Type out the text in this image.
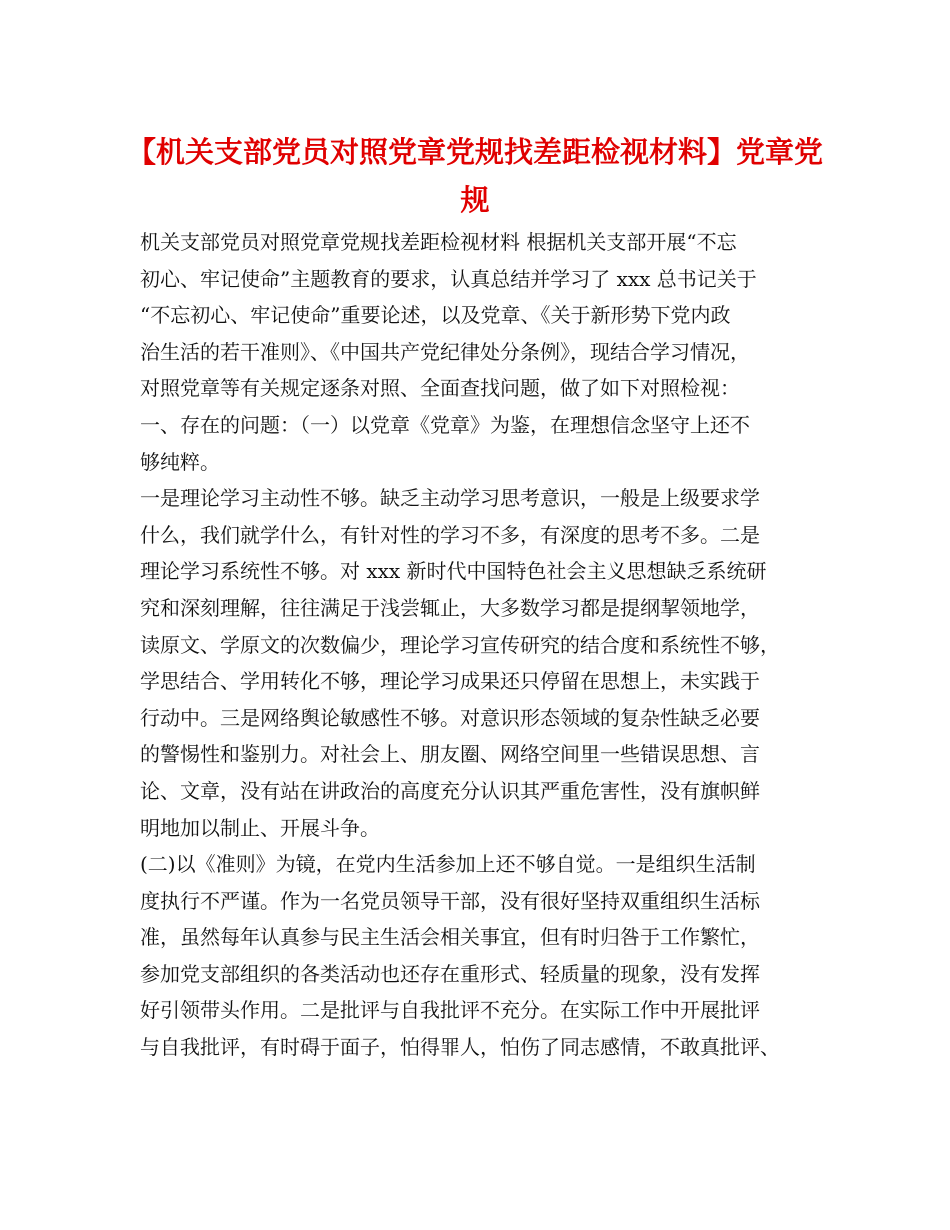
【机关支部党员对照党章党规找差距检视材料】党章党
规
机关支部党员对照党章党规找差距检视材料 根据机关支部开展“不忘
初心、牢记使命”主题教育的要求，认真总结并学习了 xxx 总书记关于
“不忘初心、牢记使命”重要论述，以及党章、《关于新形势下党内政
治生活的若干准则》、《中国共产党纪律处分条例》，现结合学习情况，
对照党章等有关规定逐条对照、全面查找问题，做了如下对照检视：
一、存在的问题：（一）以党章《党章》为鉴，在理想信念坚守上还不
够纯粹。
一是理论学习主动性不够。缺乏主动学习思考意识，一般是上级要求学
什么，我们就学什么，有针对性的学习不多，有深度的思考不多。二是
理论学习系统性不够。对 xxx 新时代中国特色社会主义思想缺乏系统研
究和深刻理解，往往满足于浅尝辄止，大多数学习都是提纲挈领地学，
读原文、学原文的次数偏少，理论学习宣传研究的结合度和系统性不够，
学思结合、学用转化不够，理论学习成果还只停留在思想上，未实践于
行动中。三是网络舆论敏感性不够。对意识形态领域的复杂性缺乏必要
的警惕性和鉴别力。对社会上、朋友圈、网络空间里一些错误思想、言
论、文章，没有站在讲政治的高度充分认识其严重危害性，没有旗帜鲜
明地加以制止、开展斗争。
(二)以《准则》为镜，在党内生活参加上还不够自觉。一是组织生活制
度执行不严谨。作为一名党员领导干部，没有很好坚持双重组织生活标
准，虽然每年认真参与民主生活会相关事宜，但有时归咎于工作繁忙，
参加党支部组织的各类活动也还存在重形式、轻质量的现象，没有发挥
好引领带头作用。二是批评与自我批评不充分。在实际工作中开展批评
与自我批评，有时碍于面子，怕得罪人，怕伤了同志感情，不敢真批评、
